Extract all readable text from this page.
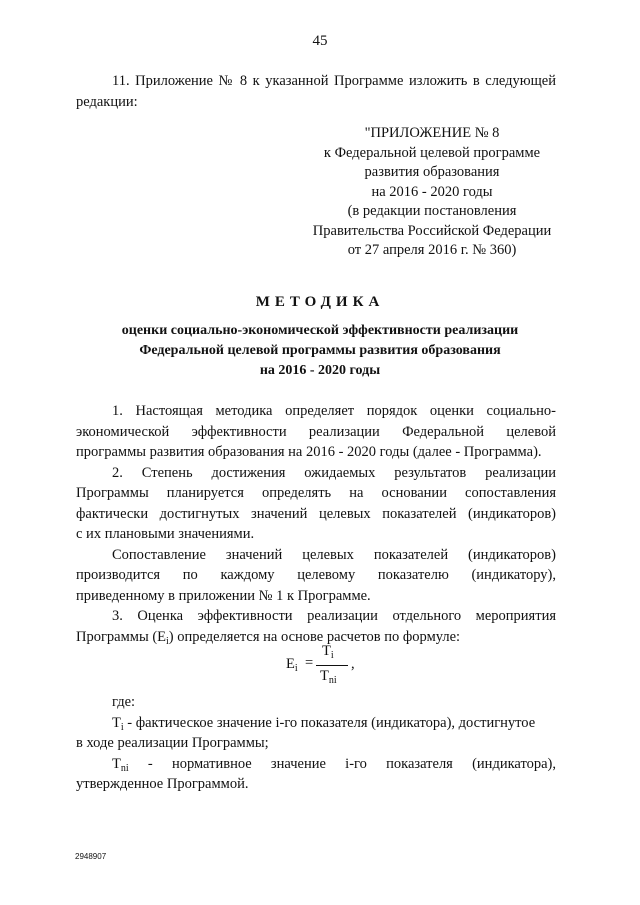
45
11. Приложение № 8 к указанной Программе изложить в следующей
редакции:
"ПРИЛОЖЕНИЕ № 8
к Федеральной целевой программе
развития образования
на 2016 - 2020 годы
(в редакции постановления
Правительства Российской Федерации
от 27 апреля 2016 г. № 360)
МЕТОДИКА
оценки социально-экономической эффективности реализации
Федеральной целевой программы развития образования
на 2016 - 2020 годы
1. Настоящая методика определяет порядок оценки социально-
экономической эффективности реализации Федеральной целевой
программы развития образования на 2016 - 2020 годы (далее - Программа).
2. Степень достижения ожидаемых результатов реализации
Программы планируется определять на основании сопоставления
фактически достигнутых значений целевых показателей (индикаторов)
с их плановыми значениями.
Сопоставление значений целевых показателей (индикаторов)
производится по каждому целевому показателю (индикатору),
приведенному в приложении № 1 к Программе.
3. Оценка эффективности реализации отдельного мероприятия
Программы $(E_i)$ определяется на основе расчетов по формуле:
$E_i$ =
$T_i$
$T_{ni}$
,
где:
$T_i$ - фактическое значение i-го показателя (индикатора), достигнутое
в ходе реализации Программы;
$T_{ni}$ - нормативное значение i-го показателя (индикатора),
утвержденное Программой.
2948907
